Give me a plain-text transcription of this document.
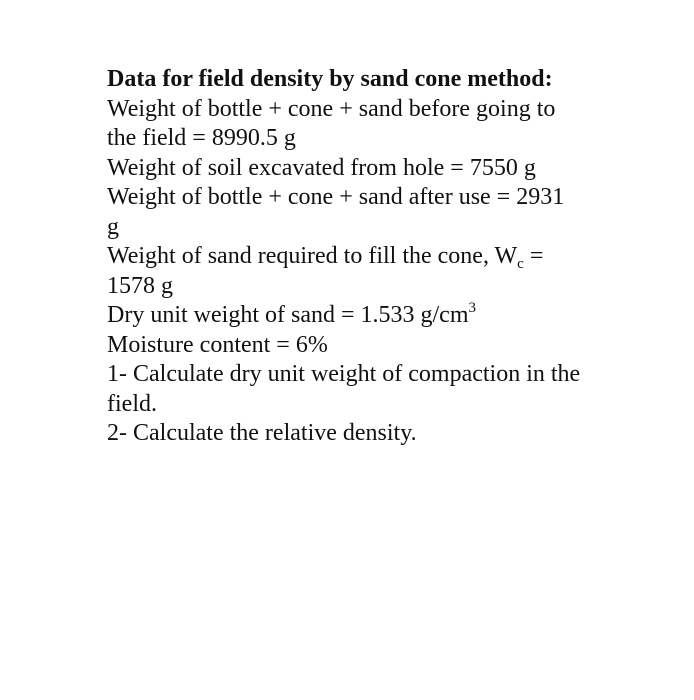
Data for field density by sand cone method:
Weight of bottle + cone + sand before going to
the field = 8990.5 g
Weight of soil excavated from hole = 7550 g
Weight of bottle + cone + sand after use = 2931
g
Weight of sand required to fill the cone, $W_c$ =
1578 g
Dry unit weight of sand = 1.533 $g/cm^3$
Moisture content = 6%
1- Calculate dry unit weight of compaction in the
field.
2- Calculate the relative density.
